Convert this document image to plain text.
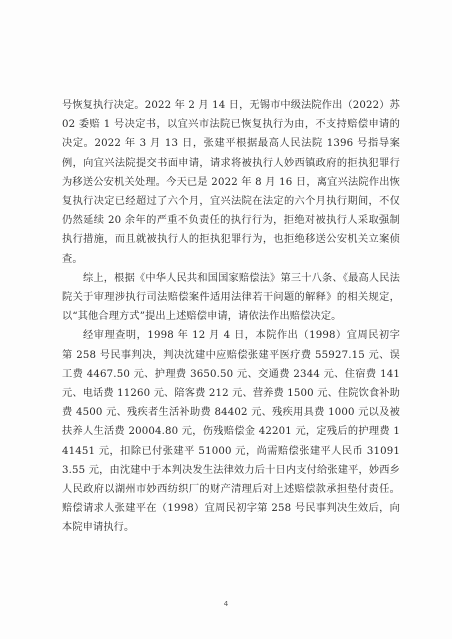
号恢复执行决定。2022 年 2 月 14 日，无锡市中级法院作出（2022）苏 02 委赔 1 号决定书，以宜兴市法院已恢复执行为由，不支持赔偿申请的决定。2022 年 3 月 13 日，张建平根据最高人民法院 1396 号指导案例，向宜兴法院提交书面申请，请求将被执行人妙西镇政府的拒执犯罪行为移送公安机关处理。今天已是 2022 年 8 月 16 日，离宜兴法院作出恢复执行决定已经超过了六个月，宜兴法院在法定的六个月执行期间，不仅仍然延续 20 余年的严重不负责任的执行行为，拒绝对被执行人采取强制执行措施，而且就被执行人的拒执犯罪行为，也拒绝移送公安机关立案侦查。

综上，根据《中华人民共和国国家赔偿法》第三十八条、《最高人民法院关于审理涉执行司法赔偿案件适用法律若干问题的解释》的相关规定，以“其他合理方式”提出上述赔偿申请，请依法作出赔偿决定。

经审理查明，1998 年 12 月 4 日，本院作出（1998）宜周民初字第 258 号民事判决，判决沈建中应赔偿张建平医疗费 55927.15 元、误工费 4467.50 元、护理费 3650.50 元、交通费 2344 元、住宿费 141 元、电话费 11260 元、陪客费 212 元、营养费 1500 元、住院饮食补助费 4500 元、残疾者生活补助费 84402 元、残疾用具费 1000 元以及被扶养人生活费 20004.80 元，伤残赔偿金 42201 元，定残后的护理费 141451 元，扣除已付张建平 51000 元，尚需赔偿张建平人民币 310913.55 元，由沈建中于本判决发生法律效力后十日内支付给张建平，妙西乡人民政府以湖州市妙西纺织厂的财产清理后对上述赔偿款承担垫付责任。赔偿请求人张建平在（1998）宜周民初字第 258 号民事判决生效后，向本院申请执行。

4
